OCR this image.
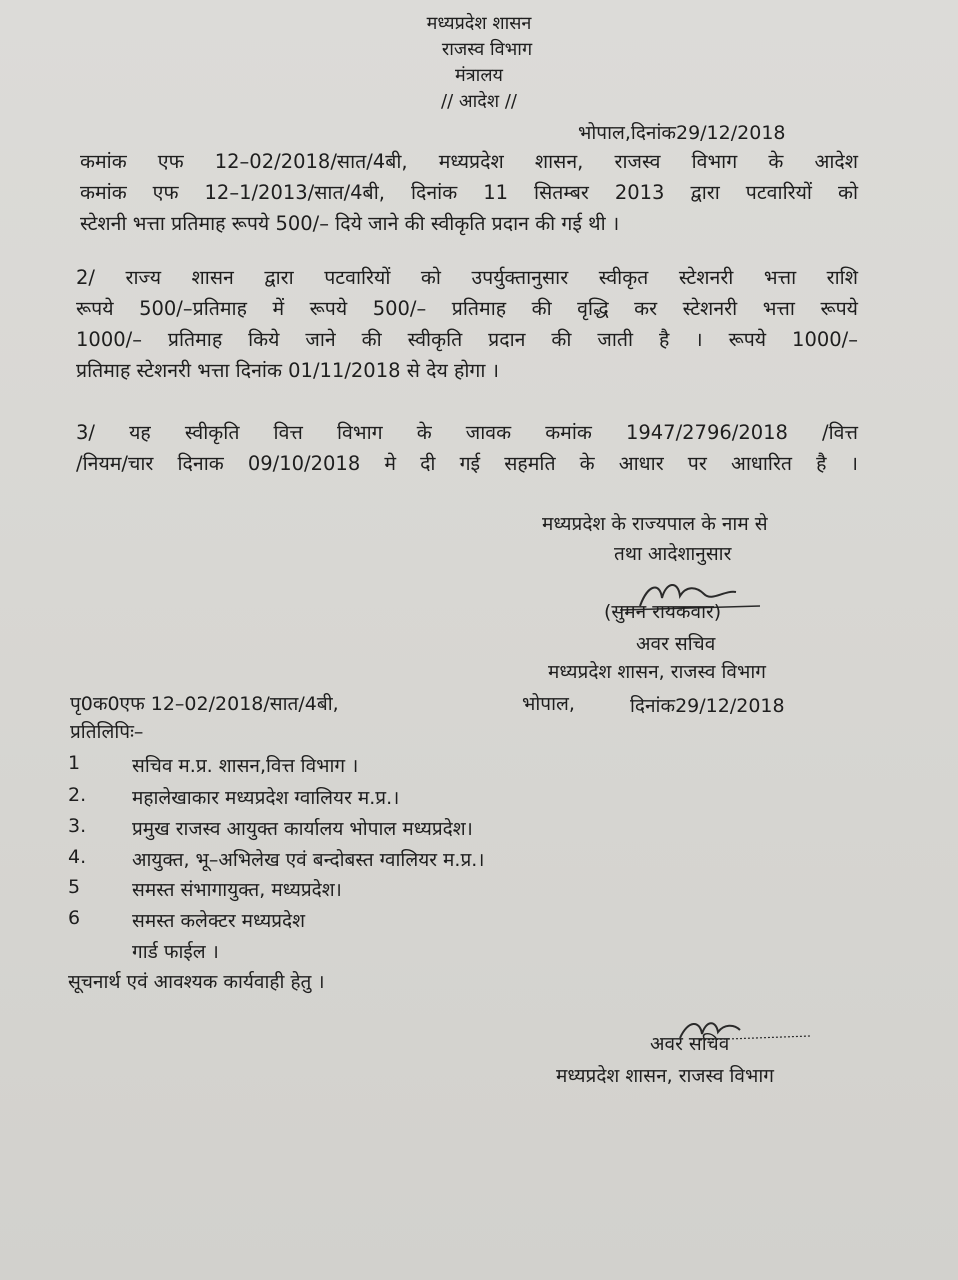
मध्यप्रदेश शासन
राजस्व विभाग
मंत्रालय
// आदेश //
भोपाल,दिनांक29/12/2018
कमांक एफ 12–02/2018/सात/4बी, मध्यप्रदेश शासन, राजस्व विभाग के आदेश
कमांक एफ 12–1/2013/सात/4बी, दिनांक 11 सितम्बर 2013 द्वारा पटवारियों को
स्टेशनी भत्ता प्रतिमाह रूपये 500/– दिये जाने की स्वीकृति प्रदान की गई थी ।
2/ राज्य शासन द्वारा पटवारियों को उपर्युक्तानुसार स्वीकृत स्टेशनरी भत्ता राशि
रूपये 500/–प्रतिमाह में रूपये 500/– प्रतिमाह की वृद्धि कर स्टेशनरी भत्ता रूपये
1000/– प्रतिमाह किये जाने की स्वीकृति प्रदान की जाती है । रूपये 1000/–
प्रतिमाह स्टेशनरी भत्ता दिनांक 01/11/2018 से देय होगा ।
3/ यह स्वीकृति वित्त विभाग के जावक कमांक 1947/2796/2018 /वित्त
/नियम/चार दिनाक 09/10/2018 मे दी गई सहमति के आधार पर आधारित है ।
मध्यप्रदेश के राज्यपाल के नाम से
तथा आदेशानुसार
(सुमन रायकवार)
अवर सचिव
मध्यप्रदेश शासन, राजस्व विभाग
पृ0क0एफ 12–02/2018/सात/4बी,	भोपाल,	दिनांक29/12/2018
प्रतिलिपिः–
1	सचिव म.प्र. शासन,वित्त विभाग ।
2.	महालेखाकार मध्यप्रदेश ग्वालियर म.प्र.।
3.	प्रमुख राजस्व आयुक्त कार्यालय भोपाल मध्यप्रदेश।
4.	आयुक्त, भू–अभिलेख एवं बन्दोबस्त ग्वालियर म.प्र.।
5	समस्त संभागायुक्त, मध्यप्रदेश।
6	समस्त कलेक्टर मध्यप्रदेश
गार्ड फाईल ।
सूचनार्थ एवं आवश्यक कार्यवाही हेतु ।
अवर सचिव
मध्यप्रदेश शासन, राजस्व विभाग
